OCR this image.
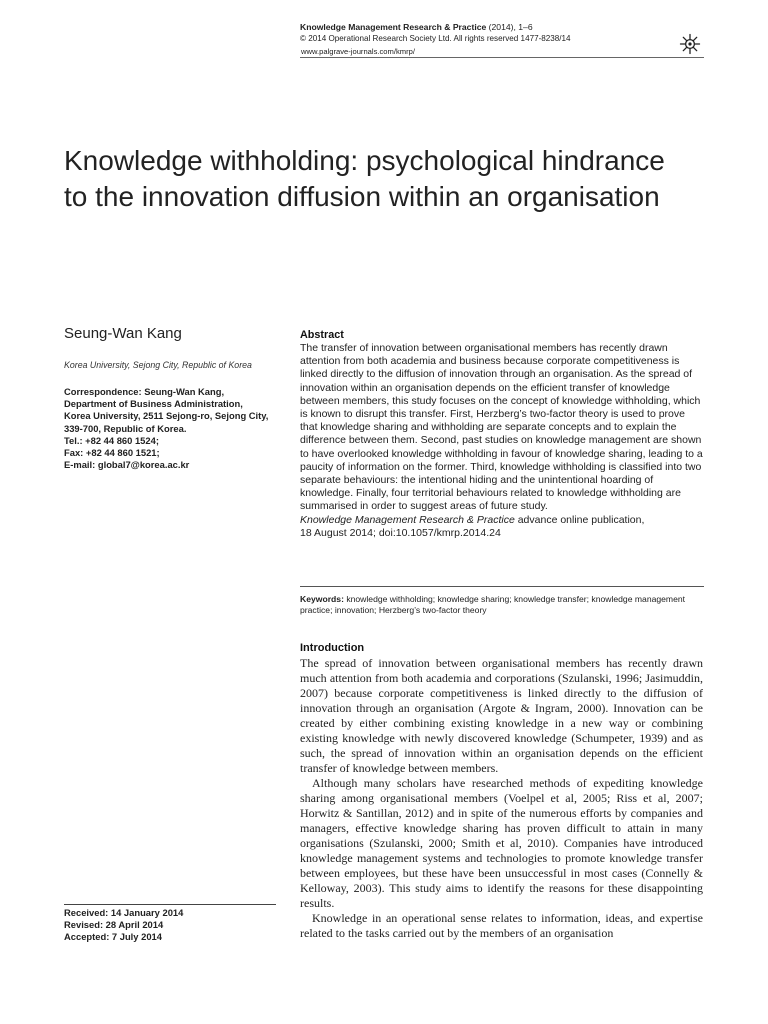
Knowledge Management Research & Practice (2014), 1–6
© 2014 Operational Research Society Ltd. All rights reserved 1477-8238/14
www.palgrave-journals.com/kmrp/
Knowledge withholding: psychological hindrance to the innovation diffusion within an organisation
Seung-Wan Kang
Korea University, Sejong City, Republic of Korea
Correspondence: Seung-Wan Kang,
Department of Business Administration,
Korea University, 2511 Sejong-ro, Sejong City,
339-700, Republic of Korea.
Tel.: +82 44 860 1524;
Fax: +82 44 860 1521;
E-mail: global7@korea.ac.kr
Received: 14 January 2014
Revised: 28 April 2014
Accepted: 7 July 2014
Abstract
The transfer of innovation between organisational members has recently drawn attention from both academia and business because corporate competitiveness is linked directly to the diffusion of innovation through an organisation. As the spread of innovation within an organisation depends on the efficient transfer of knowledge between members, this study focuses on the concept of knowledge withholding, which is known to disrupt this transfer. First, Herzberg’s two-factor theory is used to prove that knowledge sharing and withholding are separate concepts and to explain the difference between them. Second, past studies on knowledge management are shown to have overlooked knowledge withholding in favour of knowledge sharing, leading to a paucity of information on the former. Third, knowledge withholding is classified into two separate behaviours: the intentional hiding and the unintentional hoarding of knowledge. Finally, four territorial behaviours related to knowledge withholding are summarised in order to suggest areas of future study.
Knowledge Management Research & Practice advance online publication,
18 August 2014; doi:10.1057/kmrp.2014.24
Keywords: knowledge withholding; knowledge sharing; knowledge transfer; knowledge management practice; innovation; Herzberg’s two-factor theory
Introduction

The spread of innovation between organisational members has recently drawn much attention from both academia and corporations (Szulanski, 1996; Jasimuddin, 2007) because corporate competitiveness is linked directly to the diffusion of innovation through an organisation (Argote & Ingram, 2000). Innovation can be created by either combining existing knowledge in a new way or combining existing knowledge with newly discovered knowledge (Schumpeter, 1939) and as such, the spread of innovation within an organisation depends on the efficient transfer of knowledge between members.

Although many scholars have researched methods of expediting knowledge sharing among organisational members (Voelpel et al, 2005; Riss et al, 2007; Horwitz & Santillan, 2012) and in spite of the numerous efforts by companies and managers, effective knowledge sharing has proven difficult to attain in many organisations (Szulanski, 2000; Smith et al, 2010). Companies have introduced knowledge management systems and technologies to promote knowledge transfer between employees, but these have been unsuccessful in most cases (Connelly & Kelloway, 2003). This study aims to identify the reasons for these disappointing results.

Knowledge in an operational sense relates to information, ideas, and expertise related to the tasks carried out by the members of an organisation
